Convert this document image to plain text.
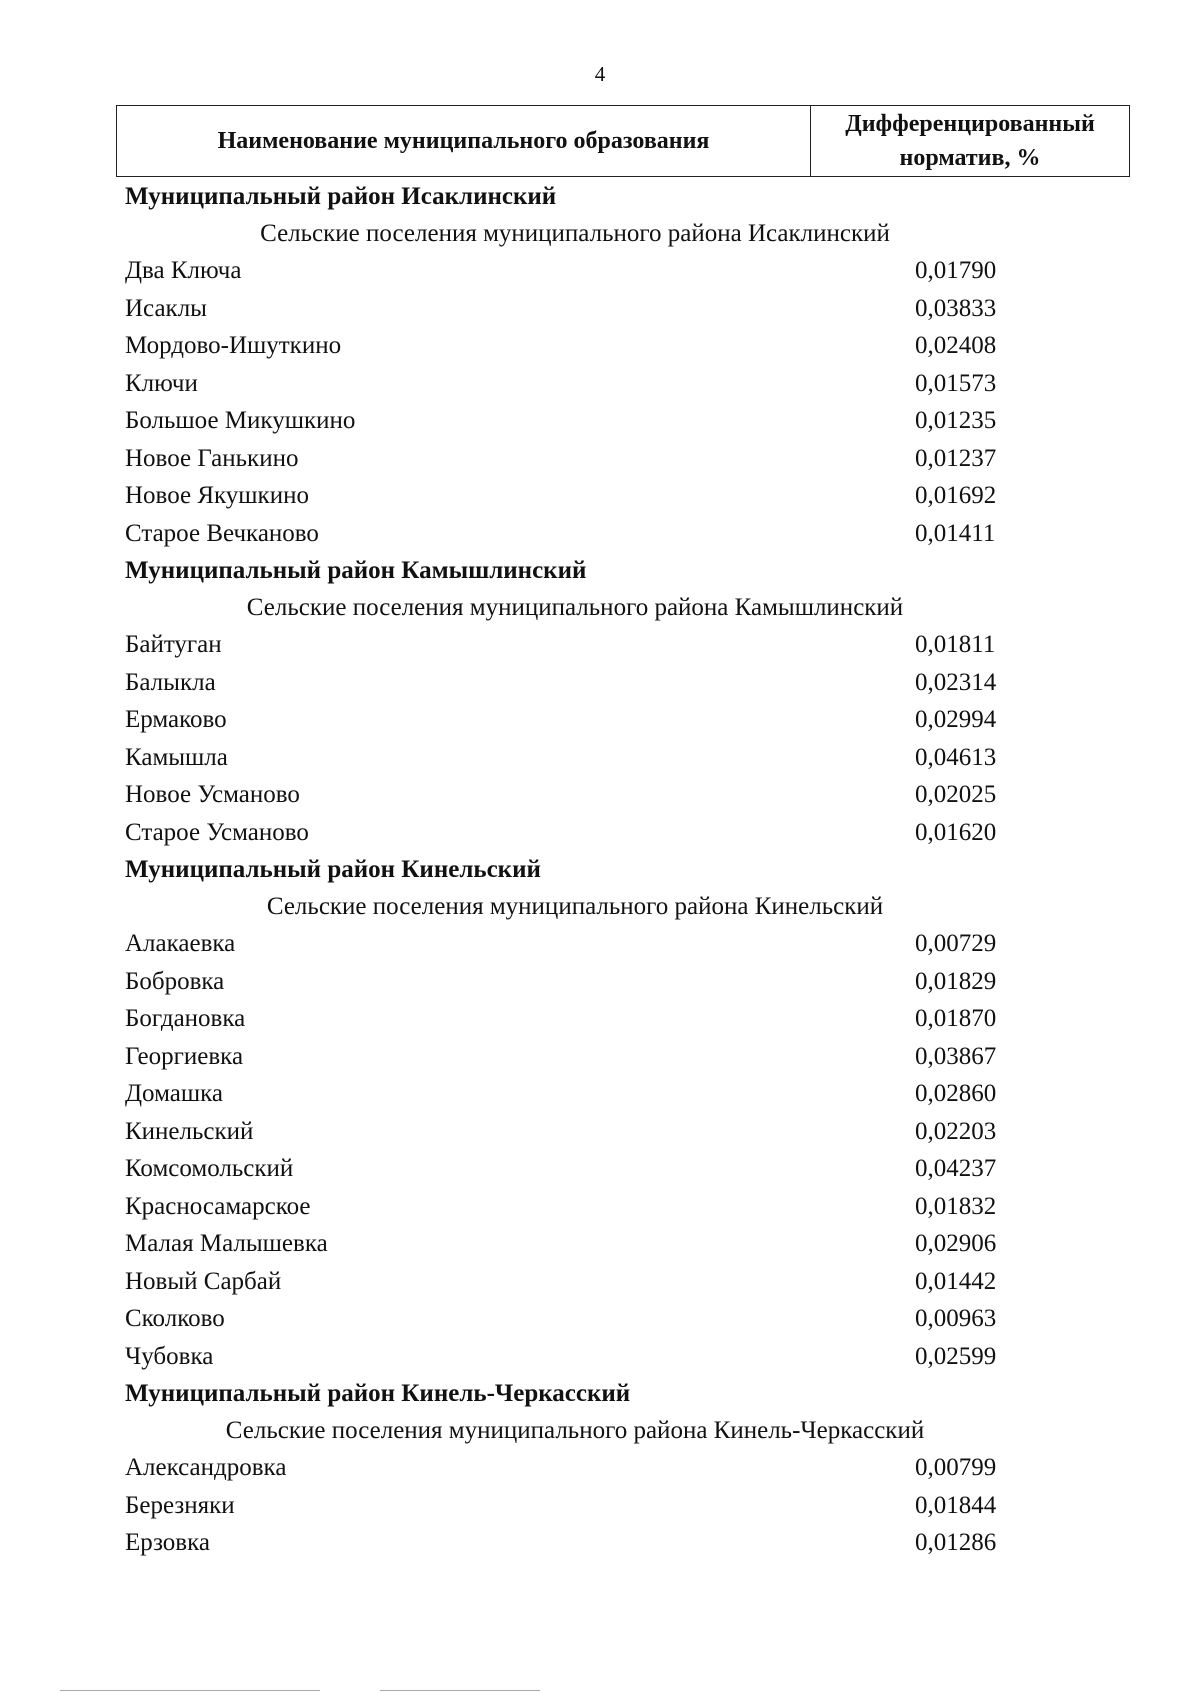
4
Наименование муниципального образования	Дифференцированный норматив, %
Муниципальный район Исаклинский
Сельские поселения муниципального района Исаклинский
Два Ключа	0,01790
Исаклы	0,03833
Мордово-Ишуткино	0,02408
Ключи	0,01573
Большое Микушкино	0,01235
Новое Ганькино	0,01237
Новое Якушкино	0,01692
Старое Вечканово	0,01411
Муниципальный район Камышлинский
Сельские поселения муниципального района Камышлинский
Байтуган	0,01811
Балыкла	0,02314
Ермаково	0,02994
Камышла	0,04613
Новое Усманово	0,02025
Старое Усманово	0,01620
Муниципальный район Кинельский
Сельские поселения муниципального района Кинельский
Алакаевка	0,00729
Бобровка	0,01829
Богдановка	0,01870
Георгиевка	0,03867
Домашка	0,02860
Кинельский	0,02203
Комсомольский	0,04237
Красносамарское	0,01832
Малая Малышевка	0,02906
Новый Сарбай	0,01442
Сколково	0,00963
Чубовка	0,02599
Муниципальный район Кинель-Черкасский
Сельские поселения муниципального района Кинель-Черкасский
Александровка	0,00799
Березняки	0,01844
Ерзовка	0,01286
